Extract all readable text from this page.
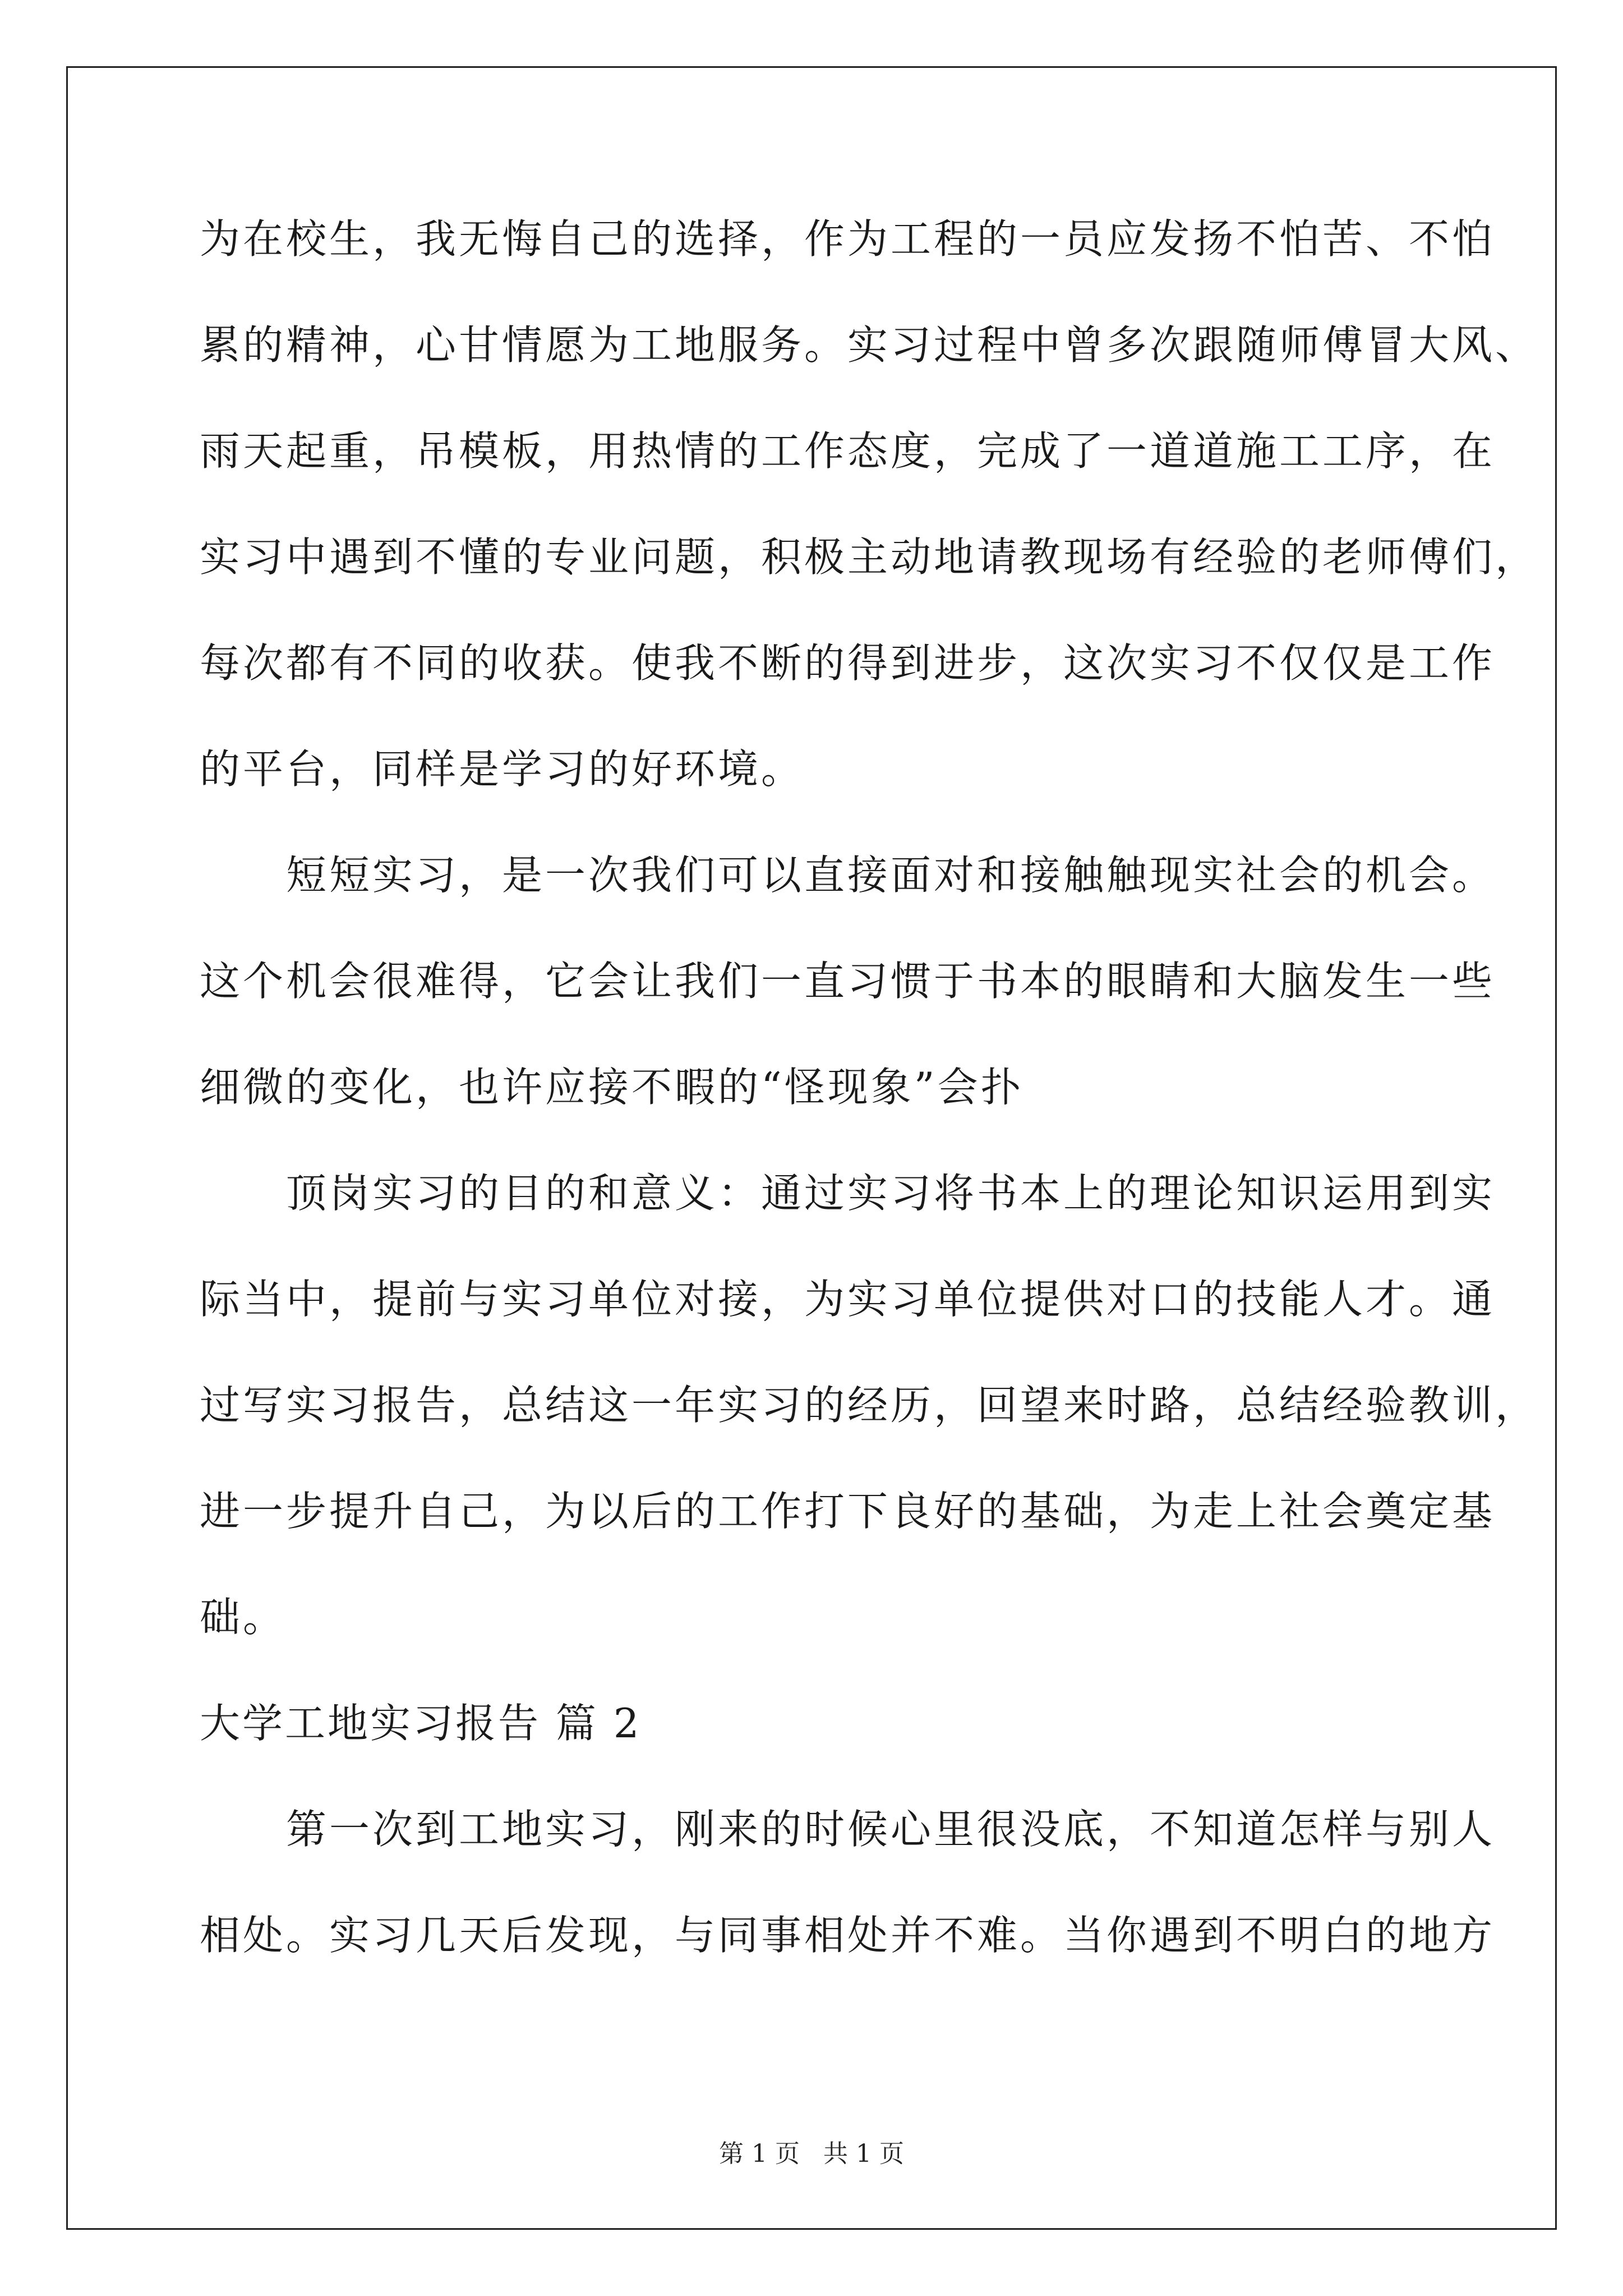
为在校生，我无悔自己的选择，作为工程的一员应发扬不怕苦、不怕
累的精神，心甘情愿为工地服务。实习过程中曾多次跟随师傅冒大风、
雨天起重，吊模板，用热情的工作态度，完成了一道道施工工序，在
实习中遇到不懂的专业问题，积极主动地请教现场有经验的老师傅们，
每次都有不同的收获。使我不断的得到进步，这次实习不仅仅是工作
的平台，同样是学习的好环境。
　　短短实习，是一次我们可以直接面对和接触触现实社会的机会。
这个机会很难得，它会让我们一直习惯于书本的眼睛和大脑发生一些
细微的变化，也许应接不暇的“怪现象”会扑
　　顶岗实习的目的和意义：通过实习将书本上的理论知识运用到实
际当中，提前与实习单位对接，为实习单位提供对口的技能人才。通
过写实习报告，总结这一年实习的经历，回望来时路，总结经验教训，
进一步提升自己，为以后的工作打下良好的基础，为走上社会奠定基
础。
大学工地实习报告 篇 2
　　第一次到工地实习，刚来的时候心里很没底，不知道怎样与别人
相处。实习几天后发现，与同事相处并不难。当你遇到不明白的地方
第 1 页   共 1 页
